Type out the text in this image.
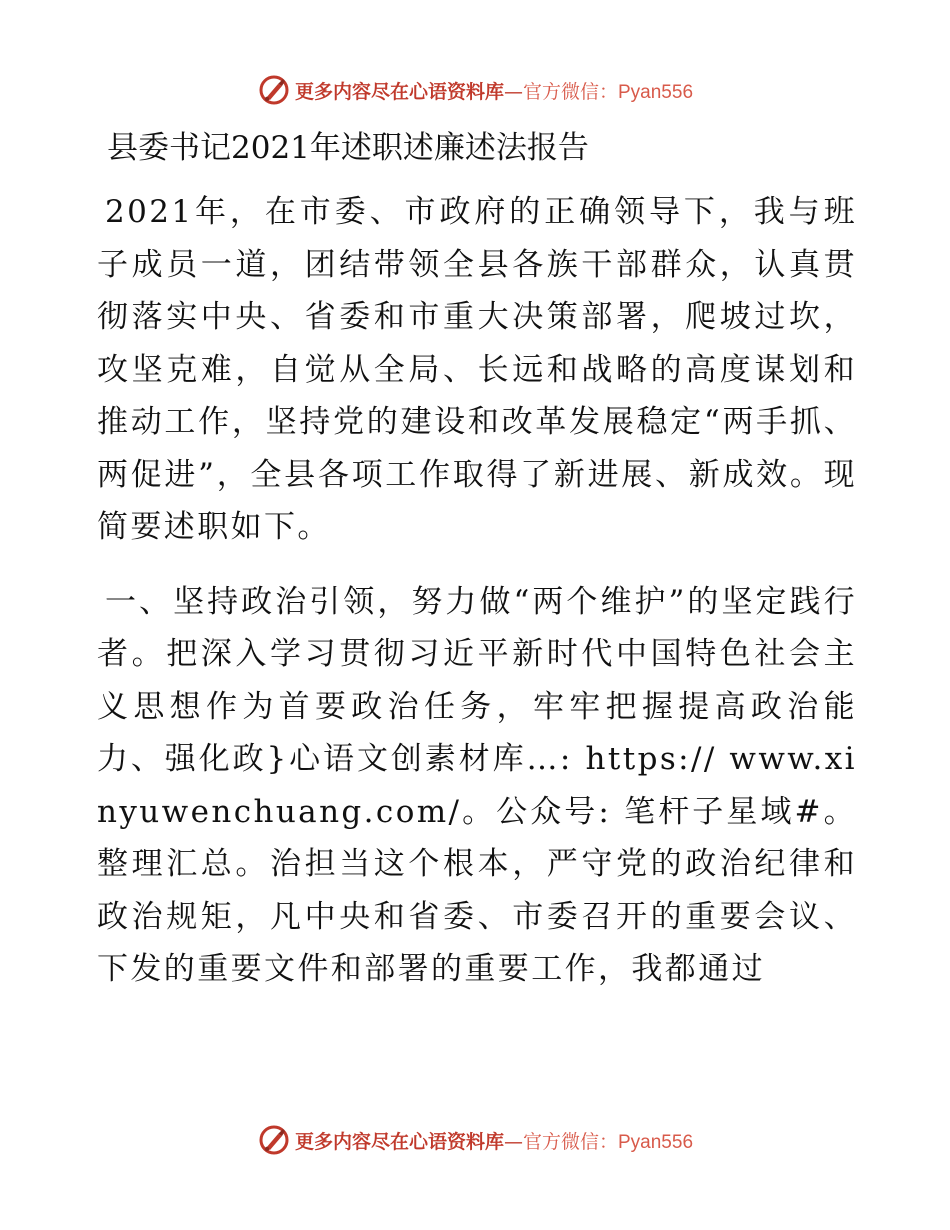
更多内容尽在心语资料库—官方微信：Pyan556
县委书记2021年述职述廉述法报告
2021年，在市委、市政府的正确领导下，我与班子成员一道，团结带领全县各族干部群众，认真贯彻落实中央、省委和市重大决策部署，爬坡过坎，攻坚克难，自觉从全局、长远和战略的高度谋划和推动工作，坚持党的建设和改革发展稳定“两手抓、两促进”，全县各项工作取得了新进展、新成效。现简要述职如下。
一、坚持政治引领，努力做“两个维护”的坚定践行者。把深入学习贯彻习近平新时代中国特色社会主义思想作为首要政治任务，牢牢把握提高政治能力、强化政}心语文创素材库…: https:// www.xinyuwenchuang.com/。公众号: 笔杆子星域#。整理汇总。治担当这个根本，严守党的政治纪律和政治规矩，凡中央和省委、市委召开的重要会议、下发的重要文件和部署的重要工作，我都通过
更多内容尽在心语资料库—官方微信：Pyan556
